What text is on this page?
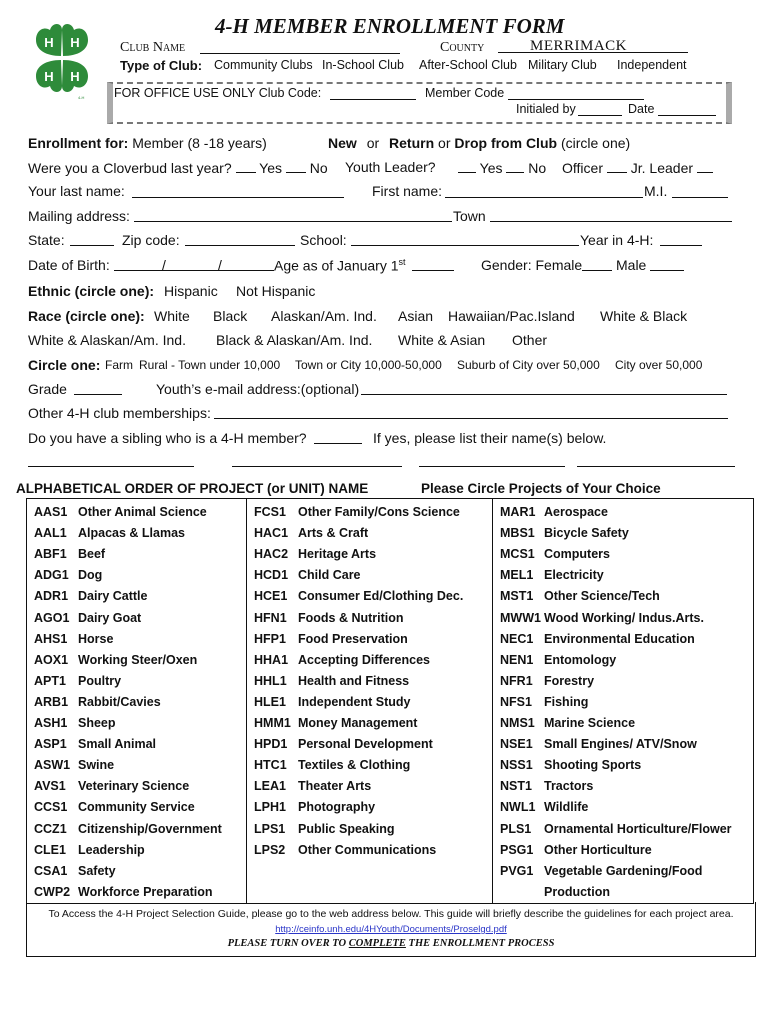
H H
H H
4-H
4-H MEMBER ENROLLMENT FORM
Club Name	County	MERRIMACK
Type of Club: Community Clubs In-School Club After-School Club Military Club Independent
FOR OFFICE USE ONLY Club Code:	Member Code
Initialed by	Date
Enrollment for: Member (8 -18 years)	New or Return or Drop from Club (circle one)
Were you a Cloverbud last year? Yes No Youth Leader?	Yes No Officer Jr. Leader
Your last name:	First name:	M.I.
Mailing address:	Town
State:	Zip code:	School:	Year in 4-H:
Date of Birth:	/	/	Age as of January 1st	Gender: Female Male
Ethnic (circle one): Hispanic Not Hispanic
Race (circle one): White Black Alaskan/Am. Ind. Asian Hawaiian/Pac.Island White & Black
White & Alaskan/Am. Ind. Black & Alaskan/Am. Ind. White & Asian Other
Circle one: Farm Rural - Town under 10,000 Town or City 10,000-50,000 Suburb of City over 50,000 City over 50,000
Grade	Youth’s e-mail address:(optional)
Other 4-H club memberships:
Do you have a sibling who is a 4-H member?	If yes, please list their name(s) below.
ALPHABETICAL ORDER OF PROJECT (or UNIT) NAME	Please Circle Projects of Your Choice
AAS1 Other Animal Science
AAL1 Alpacas & Llamas
ABF1 Beef
ADG1 Dog
ADR1 Dairy Cattle
AGO1 Dairy Goat
AHS1 Horse
AOX1 Working Steer/Oxen
APT1 Poultry
ARB1 Rabbit/Cavies
ASH1 Sheep
ASP1 Small Animal
ASW1 Swine
AVS1 Veterinary Science
CCS1 Community Service
CCZ1 Citizenship/Government
CLE1 Leadership
CSA1 Safety
CWP2 Workforce Preparation

FCS1 Other Family/Cons Science
HAC1 Arts & Craft
HAC2 Heritage Arts
HCD1 Child Care
HCE1 Consumer Ed/Clothing Dec.
HFN1 Foods & Nutrition
HFP1 Food Preservation
HHA1 Accepting Differences
HHL1 Health and Fitness
HLE1 Independent Study
HMM1 Money Management
HPD1 Personal Development
HTC1 Textiles & Clothing
LEA1 Theater Arts
LPH1 Photography
LPS1 Public Speaking
LPS2 Other Communications

MAR1 Aerospace
MBS1 Bicycle Safety
MCS1 Computers
MEL1 Electricity
MST1 Other Science/Tech
MWW1 Wood Working/ Indus.Arts.
NEC1 Environmental Education
NEN1 Entomology
NFR1 Forestry
NFS1 Fishing
NMS1 Marine Science
NSE1 Small Engines/ ATV/Snow
NSS1 Shooting Sports
NST1 Tractors
NWL1 Wildlife
PLS1 Ornamental Horticulture/Flower
PSG1 Other Horticulture
PVG1 Vegetable Gardening/Food
Production
To Access the 4-H Project Selection Guide, please go to the web address below. This guide will briefly describe the guidelines for each project area.
http://ceinfo.unh.edu/4HYouth/Documents/Proselgd.pdf
PLEASE TURN OVER TO COMPLETE THE ENROLLMENT PROCESS
